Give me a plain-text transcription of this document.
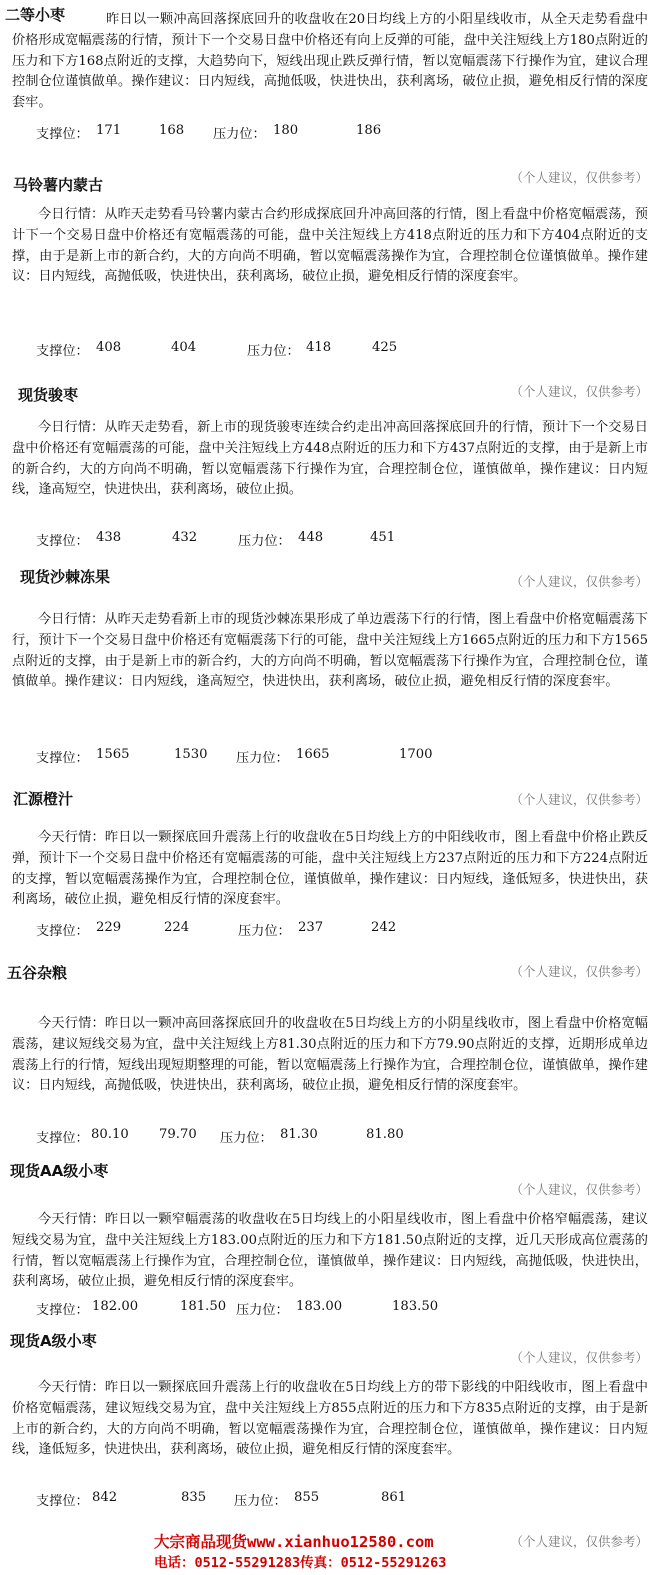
二等小枣	昨日以一颗冲高回落探底回升的收盘收在20日均线上方的小阳星线收市，从全天走势看盘中价格形成宽幅震荡的行情，预计下一个交易日盘中价格还有向上反弹的可能，盘中关注短线上方180点附近的压力和下方168点附近的支撑，大趋势向下，短线出现止跌反弹行情，暂以宽幅震荡下行操作为宜，建议合理控制仓位谨慎做单。操作建议：日内短线，高抛低吸，快进快出，获利离场，破位止损，避免相反行情的深度套牢。
支撑位： 171	168 压力位： 180	186
马铃薯内蒙古	（个人建议，仅供参考）
今日行情：从昨天走势看马铃薯内蒙古合约形成探底回升冲高回落的行情，图上看盘中价格宽幅震荡，预计下一个交易日盘中价格还有宽幅震荡的可能，盘中关注短线上方418点附近的压力和下方404点附近的支撑，由于是新上市的新合约，大的方向尚不明确，暂以宽幅震荡操作为宜，合理控制仓位谨慎做单。操作建议：日内短线，高抛低吸，快进快出，获利离场，破位止损，避免相反行情的深度套牢。
支撑位： 408	404	压力位： 418	425
现货骏枣	（个人建议，仅供参考）
今日行情：从昨天走势看，新上市的现货骏枣连续合约走出冲高回落探底回升的行情，预计下一个交易日盘中价格还有宽幅震荡的可能，盘中关注短线上方448点附近的压力和下方437点附近的支撑，由于是新上市的新合约，大的方向尚不明确，暂以宽幅震荡下行操作为宜，合理控制仓位，谨慎做单，操作建议：日内短线，逢高短空，快进快出，获利离场，破位止损。
支撑位： 438	432	压力位： 448	451
现货沙棘冻果	（个人建议，仅供参考）
今日行情：从昨天走势看新上市的现货沙棘冻果形成了单边震荡下行的行情，图上看盘中价格宽幅震荡下行，预计下一个交易日盘中价格还有宽幅震荡下行的可能，盘中关注短线上方1665点附近的压力和下方1565点附近的支撑，由于是新上市的新合约，大的方向尚不明确，暂以宽幅震荡下行操作为宜，合理控制仓位，谨慎做单。操作建议：日内短线，逢高短空，快进快出，获利离场，破位止损，避免相反行情的深度套牢。
支撑位： 1565	1530 压力位： 1665	1700
汇源橙汁	（个人建议，仅供参考）
今天行情：昨日以一颗探底回升震荡上行的收盘收在5日均线上方的中阳线收市，图上看盘中价格止跌反弹，预计下一个交易日盘中价格还有宽幅震荡的可能，盘中关注短线上方237点附近的压力和下方224点附近的支撑，暂以宽幅震荡操作为宜，合理控制仓位，谨慎做单，操作建议：日内短线，逢低短多，快进快出，获利离场，破位止损，避免相反行情的深度套牢。
支撑位： 229	224	压力位： 237	242
五谷杂粮	（个人建议，仅供参考）
今天行情：昨日以一颗冲高回落探底回升的收盘收在5日均线上方的小阴星线收市，图上看盘中价格宽幅震荡，建议短线交易为宜，盘中关注短线上方81.30点附近的压力和下方79.90点附近的支撑，近期形成单边震荡上行的行情，短线出现短期整理的可能，暂以宽幅震荡上行操作为宜，合理控制仓位，谨慎做单，操作建议：日内短线，高抛低吸，快进快出，获利离场，破位止损，避免相反行情的深度套牢。
支撑位： 80.10 79.70 压力位： 81.30	81.80
现货AA级小枣
（个人建议，仅供参考）
今天行情：昨日以一颗窄幅震荡的收盘收在5日均线上的小阳星线收市，图上看盘中价格窄幅震荡，建议短线交易为宜，盘中关注短线上方183.00点附近的压力和下方181.50点附近的支撑，近几天形成高位震荡的行情，暂以宽幅震荡上行操作为宜，合理控制仓位，谨慎做单，操作建议：日内短线，高抛低吸，快进快出，获利离场，破位止损，避免相反行情的深度套牢。
支撑位： 182.00	181.50 压力位： 183.00	183.50
现货A级小枣
（个人建议，仅供参考）
今天行情：昨日以一颗探底回升震荡上行的收盘收在5日均线上方的带下影线的中阳线收市，图上看盘中价格宽幅震荡，建议短线交易为宜，盘中关注短线上方855点附近的压力和下方835点附近的支撑，由于是新上市的新合约，大的方向尚不明确，暂以宽幅震荡操作为宜，合理控制仓位，谨慎做单，操作建议：日内短线，逢低短多，快进快出，获利离场，破位止损，避免相反行情的深度套牢。
支撑位： 842	835 压力位： 855	861
大宗商品现货www.xianhuo12580.com	（个人建议，仅供参考）
电话：0512-55291283传真：0512-55291263
